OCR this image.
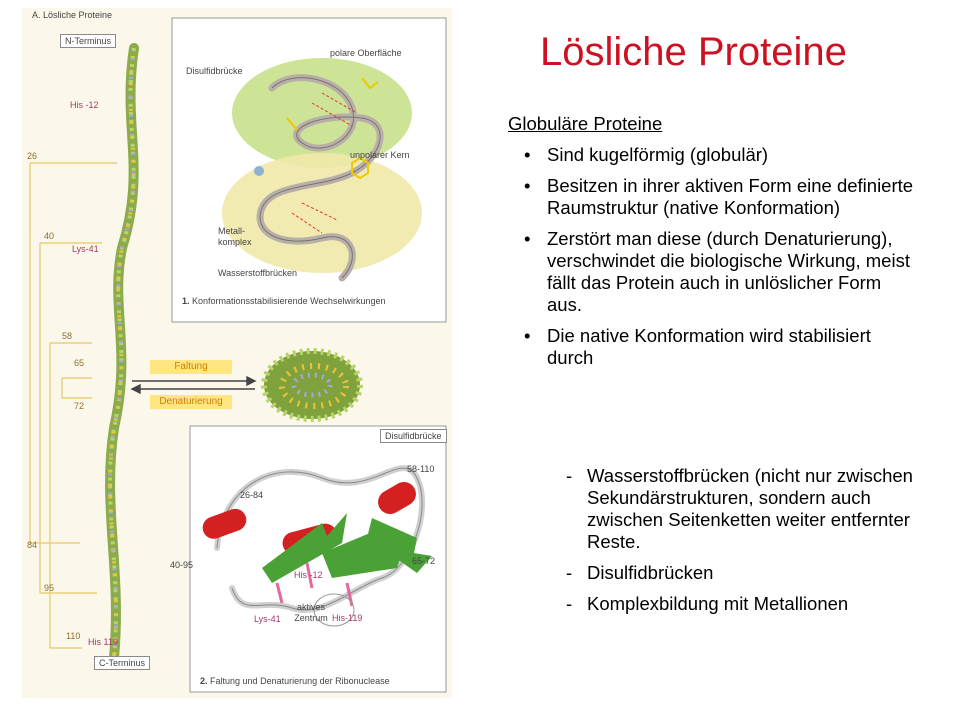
A. Lösliche Proteine
N-Terminus
His -12
Lys-41
His 119
C-Terminus
26
40
58
65
72
84
95
110
Disulfidbrücke
polare Oberfläche
unpolarer Kern
Metall-
komplex
Wasserstoffbrücken
1. Konformationsstabilisierende Wechselwirkungen
Faltung
Denaturierung
Disulfidbrücke
58-110
26-84
40-95	65-72
His -12
Lys-41	His-119
aktives
Zentrum
2. Faltung und Denaturierung der Ribonuclease
Lösliche Proteine
Globuläre Proteine
• Sind kugelförmig (globulär)
• Besitzen in ihrer aktiven Form eine definierte Raumstruktur (native Konformation)
• Zerstört man diese (durch Denaturierung), verschwindet die biologische Wirkung, meist fällt das Protein auch in unlöslicher Form aus.
• Die native Konformation wird stabilisiert durch
- Wasserstoffbrücken (nicht nur zwischen Sekundärstrukturen, sondern auch zwischen Seitenketten weiter entfernter Reste.
- Disulfidbrücken
- Komplexbildung mit Metallionen
